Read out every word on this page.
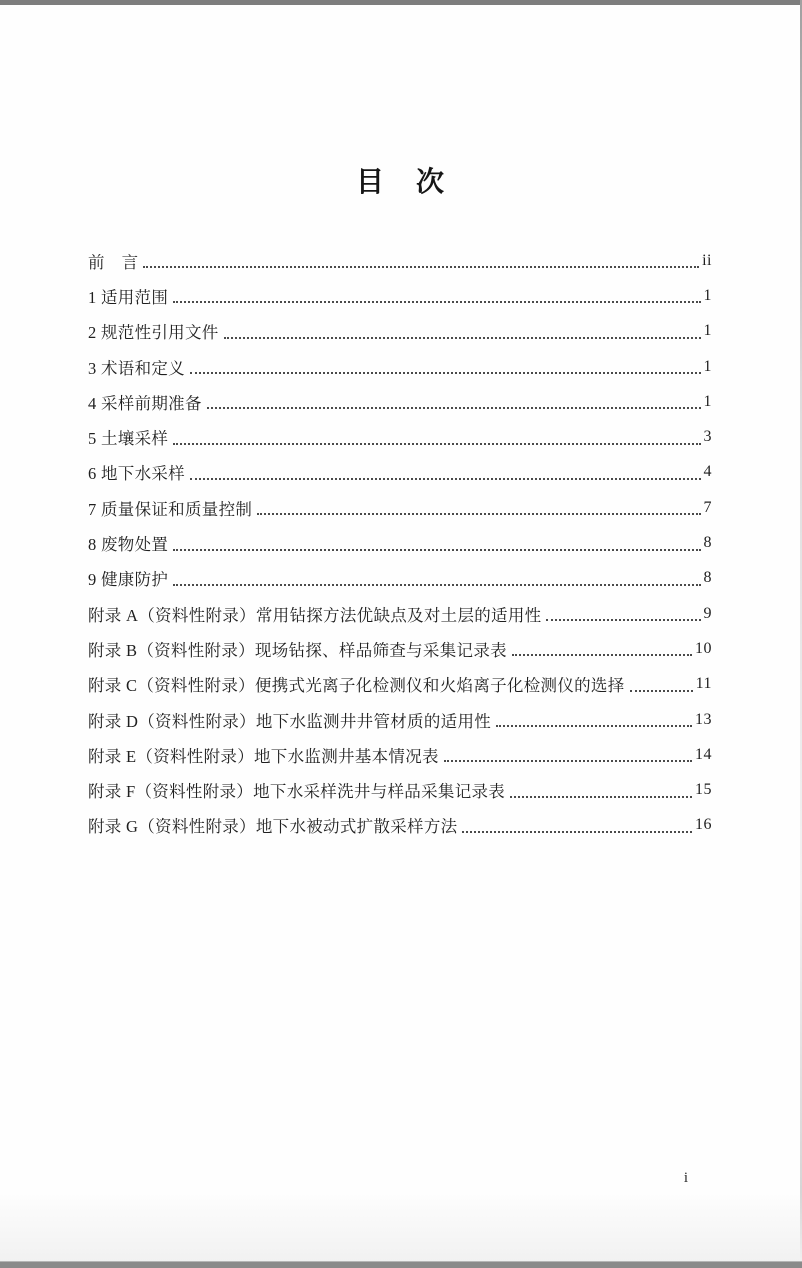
目　次
前　言	ii
1 适用范围	1
2 规范性引用文件	1
3 术语和定义	1
4 采样前期准备	1
5 土壤采样	3
6 地下水采样	4
7 质量保证和质量控制	7
8 废物处置	8
9 健康防护	8
附录 A（资料性附录）常用钻探方法优缺点及对土层的适用性	9
附录 B（资料性附录）现场钻探、样品筛查与采集记录表	10
附录 C（资料性附录）便携式光离子化检测仪和火焰离子化检测仪的选择	11
附录 D（资料性附录）地下水监测井井管材质的适用性	13
附录 E（资料性附录）地下水监测井基本情况表	14
附录 F（资料性附录）地下水采样洗井与样品采集记录表	15
附录 G（资料性附录）地下水被动式扩散采样方法	16
i
